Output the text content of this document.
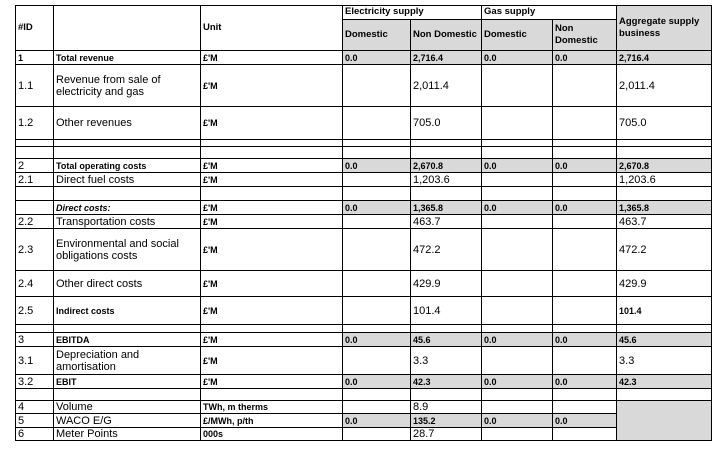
#ID		Unit	Electricity supply		Gas supply		Aggregate supply business
			Domestic	Non Domestic	Domestic	Non Domestic	
1	Total revenue	£'M	0.0	2,716.4	0.0	0.0	2,716.4
1.1	Revenue from sale of electricity and gas	£'M		2,011.4			2,011.4
1.2	Other revenues	£'M		705.0			705.0

2	Total operating costs	£'M	0.0	2,670.8	0.0	0.0	2,670.8
2.1	Direct fuel costs	£'M		1,203.6			1,203.6

	Direct costs:	£'M	0.0	1,365.8	0.0	0.0	1,365.8
2.2	Transportation costs	£'M		463.7			463.7
2.3	Environmental and social obligations costs	£'M		472.2			472.2
2.4	Other direct costs	£'M		429.9			429.9
2.5	Indirect costs	£'M		101.4			101.4

3	EBITDA	£'M	0.0	45.6	0.0	0.0	45.6
3.1	Depreciation and amortisation	£'M		3.3			3.3
3.2	EBIT	£'M	0.0	42.3	0.0	0.0	42.3

4	Volume	TWh, m therms		8.9			
5	WACO E/G	£/MWh, p/th	0.0	135.2	0.0	0.0	
6	Meter Points	000s		28.7			
